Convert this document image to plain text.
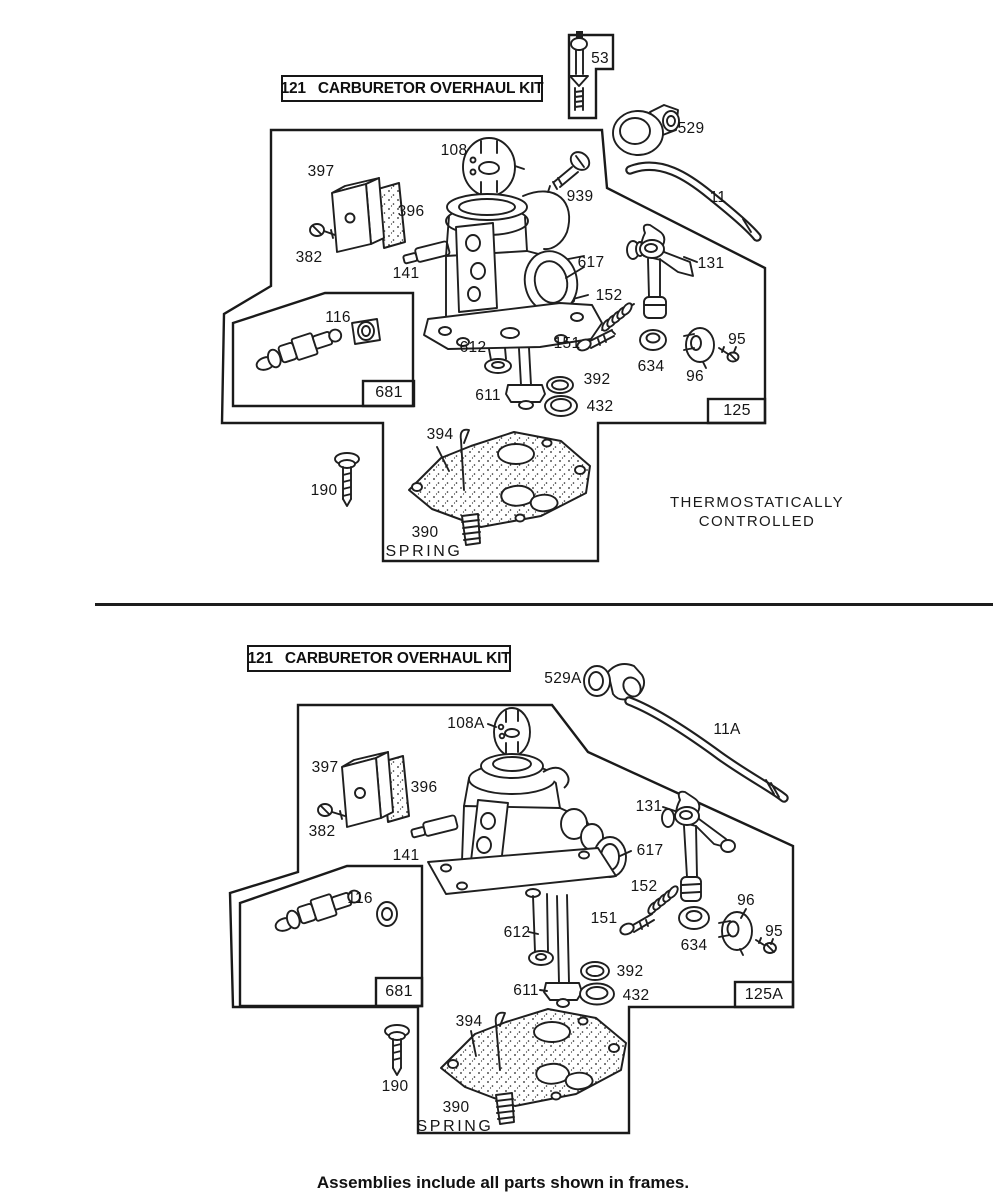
121 CARBURETOR OVERHAUL KIT
121 CARBURETOR OVERHAUL KIT
53
529
11
108
939
397
396
382
141
617
152
151
131
116
612
611
392
432
634
96
95
681
125
394
190
390
SPRING
THERMOSTATICALLY
CONTROLLED
529A
11A
108A
397
396
382
141
131
617
116
152
151
96
634
95
612
611
392
432
681	125A
394
190
390
SPRING
Assemblies include all parts shown in frames.
